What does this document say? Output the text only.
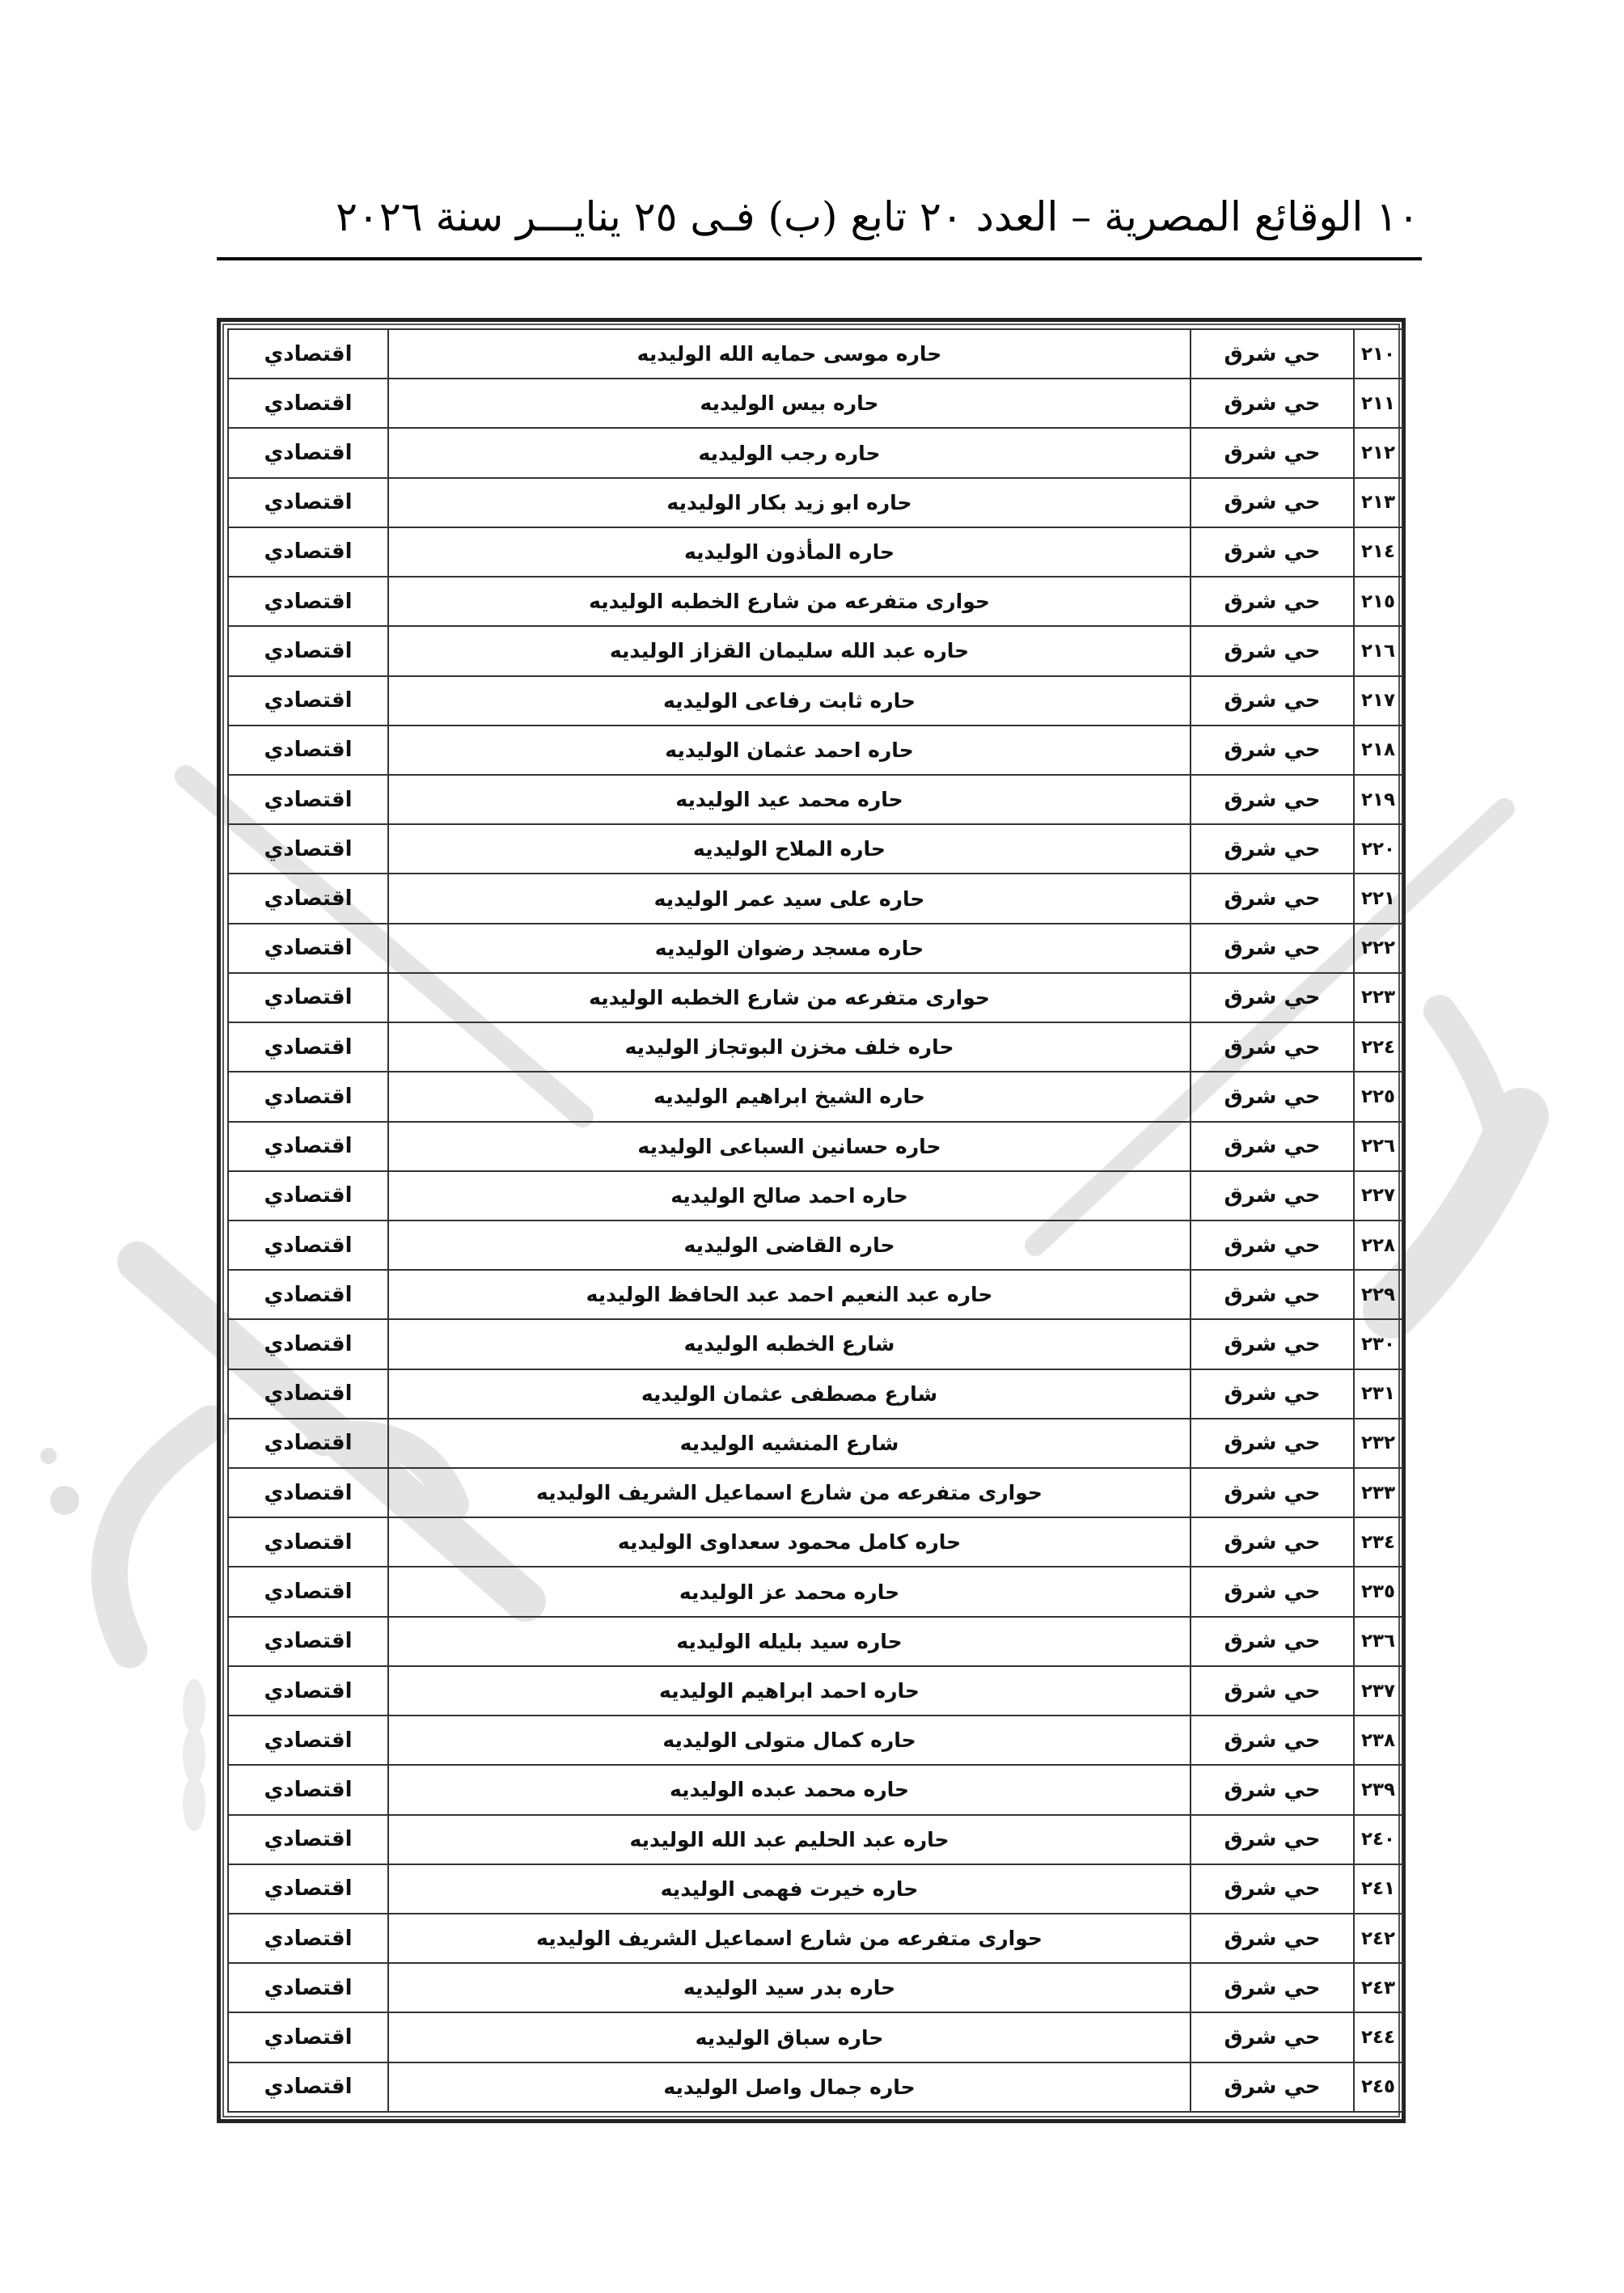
١٠ الوقائع المصرية – العدد ٢٠ تابع (ب) فـى ٢٥ ينايـــر سنة ٢٠٢٦
٢١٠	حي شرق	حاره موسى حمايه الله الوليديه	اقتصادي
٢١١	حي شرق	حاره بيس الوليديه	اقتصادي
٢١٢	حي شرق	حاره رجب الوليديه	اقتصادي
٢١٣	حي شرق	حاره ابو زيد بكار الوليديه	اقتصادي
٢١٤	حي شرق	حاره المأذون الوليديه	اقتصادي
٢١٥	حي شرق	حوارى متفرعه من شارع الخطبه الوليديه	اقتصادي
٢١٦	حي شرق	حاره عبد الله سليمان القزاز الوليديه	اقتصادي
٢١٧	حي شرق	حاره ثابت رفاعى الوليديه	اقتصادي
٢١٨	حي شرق	حاره احمد عثمان الوليديه	اقتصادي
٢١٩	حي شرق	حاره محمد عيد الوليديه	اقتصادي
٢٢٠	حي شرق	حاره الملاح الوليديه	اقتصادي
٢٢١	حي شرق	حاره على سيد عمر الوليديه	اقتصادي
٢٢٢	حي شرق	حاره مسجد رضوان الوليديه	اقتصادي
٢٢٣	حي شرق	حوارى متفرعه من شارع الخطبه الوليديه	اقتصادي
٢٢٤	حي شرق	حاره خلف مخزن البوتجاز الوليديه	اقتصادي
٢٢٥	حي شرق	حاره الشيخ ابراهيم الوليديه	اقتصادي
٢٢٦	حي شرق	حاره حسانين السباعى الوليديه	اقتصادي
٢٢٧	حي شرق	حاره احمد صالح الوليديه	اقتصادي
٢٢٨	حي شرق	حاره القاضى الوليديه	اقتصادي
٢٢٩	حي شرق	حاره عبد النعيم احمد عبد الحافظ الوليديه	اقتصادي
٢٣٠	حي شرق	شارع الخطبه الوليديه	اقتصادي
٢٣١	حي شرق	شارع مصطفى عثمان الوليديه	اقتصادي
٢٣٢	حي شرق	شارع المنشيه الوليديه	اقتصادي
٢٣٣	حي شرق	حوارى متفرعه من شارع اسماعيل الشريف الوليديه	اقتصادي
٢٣٤	حي شرق	حاره كامل محمود سعداوى الوليديه	اقتصادي
٢٣٥	حي شرق	حاره محمد عز الوليديه	اقتصادي
٢٣٦	حي شرق	حاره سيد بليله الوليديه	اقتصادي
٢٣٧	حي شرق	حاره احمد ابراهيم الوليديه	اقتصادي
٢٣٨	حي شرق	حاره كمال متولى الوليديه	اقتصادي
٢٣٩	حي شرق	حاره محمد عبده الوليديه	اقتصادي
٢٤٠	حي شرق	حاره عبد الحليم عبد الله الوليديه	اقتصادي
٢٤١	حي شرق	حاره خيرت فهمى الوليديه	اقتصادي
٢٤٢	حي شرق	حوارى متفرعه من شارع اسماعيل الشريف الوليديه	اقتصادي
٢٤٣	حي شرق	حاره بدر سيد الوليديه	اقتصادي
٢٤٤	حي شرق	حاره سباق الوليديه	اقتصادي
٢٤٥	حي شرق	حاره جمال واصل الوليديه	اقتصادي
